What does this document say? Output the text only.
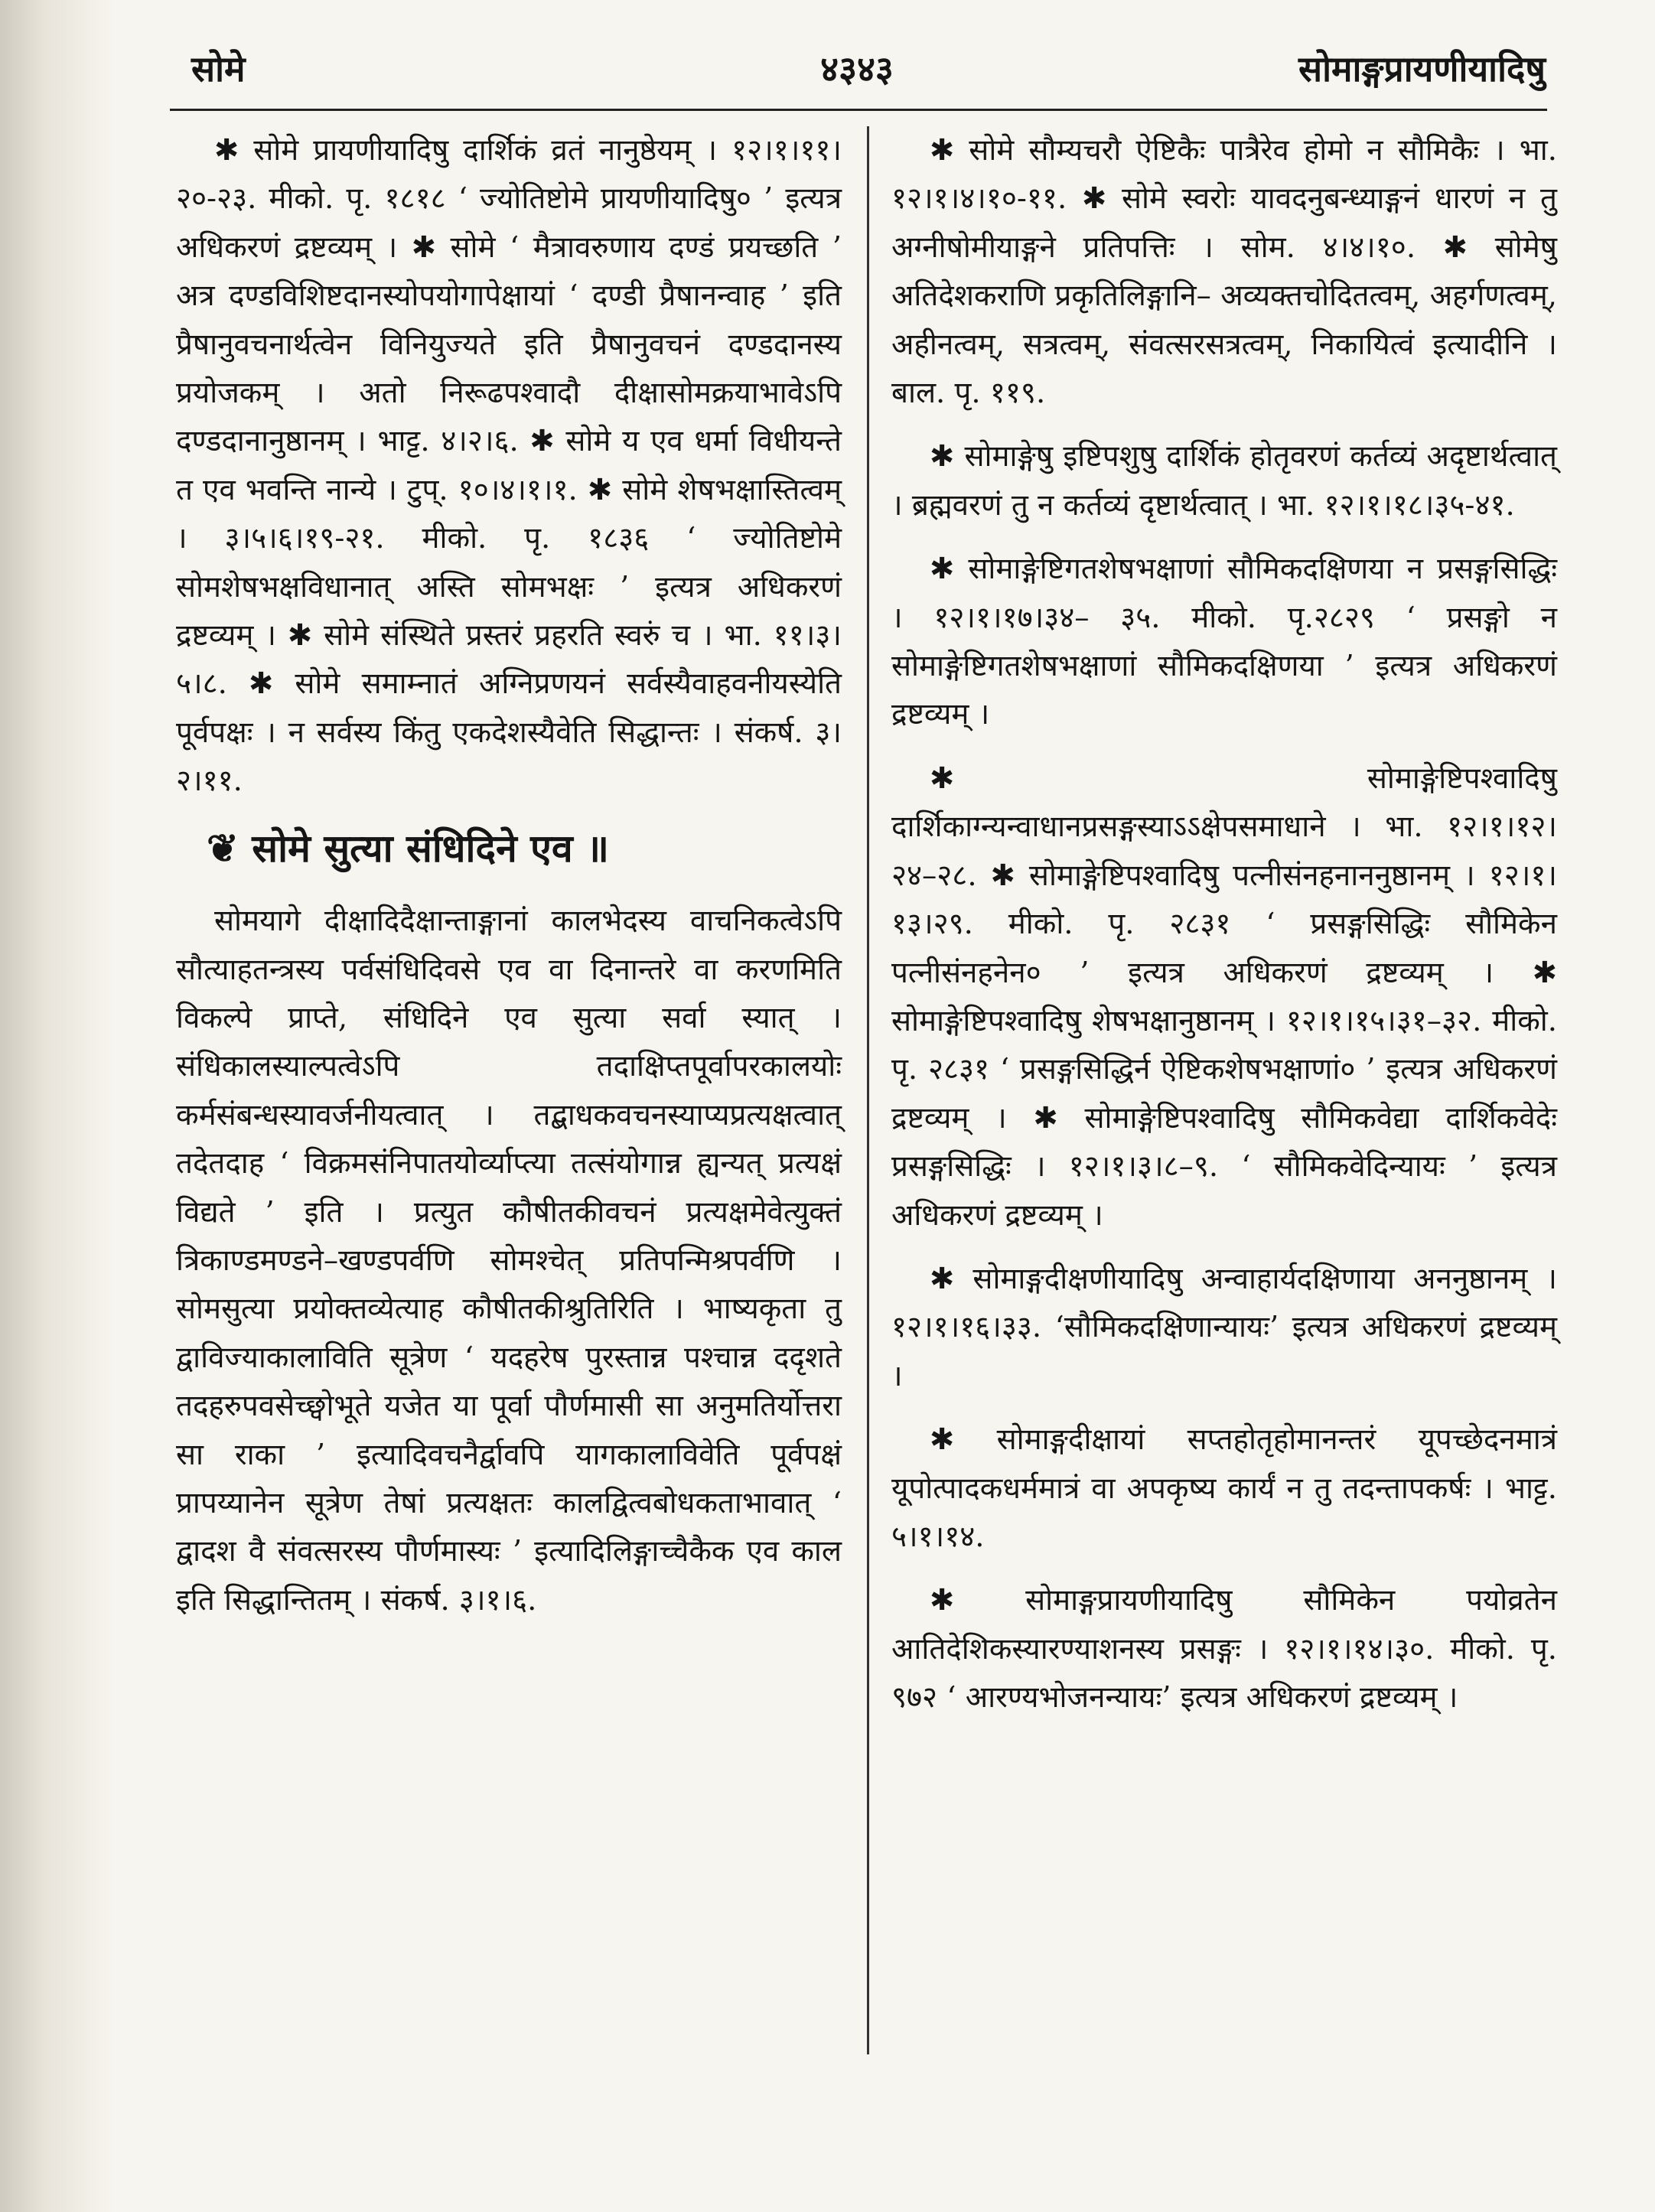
सोमे	४३४३	सोमाङ्गप्रायणीयादिषु

✱ सोमे प्रायणीयादिषु दार्शिकं व्रतं नानुष्ठेयम् । १२।१।११।२०-२३. मीको. पृ. १८१८ ‘ ज्योतिष्टोमे प्रायणीयादिषु० ’ इत्यत्र अधिकरणं द्रष्टव्यम् । ✱ सोमे ‘ मैत्रावरुणाय दण्डं प्रयच्छति ’ अत्र दण्डविशिष्टदानस्योपयोगापेक्षायां ‘ दण्डी प्रैषानन्वाह ’ इति प्रैषानुवचनार्थत्वेन विनियुज्यते इति प्रैषानुवचनं दण्डदानस्य प्रयोजकम् । अतो निरूढपश्वादौ दीक्षासोमक्रयाभावेऽपि दण्डदानानुष्ठानम् । भाट्ट. ४।२।६. ✱ सोमे य एव धर्मा विधीयन्ते त एव भवन्ति नान्ये । टुप्. १०।४।१।१. ✱ सोमे शेषभक्षास्तित्वम् । ३।५।६।१९-२१. मीको. पृ. १८३६ ‘ ज्योतिष्टोमे सोमशेषभक्षविधानात् अस्ति सोमभक्षः ’ इत्यत्र अधिकरणं द्रष्टव्यम् । ✱ सोमे संस्थिते प्रस्तरं प्रहरति स्वरुं च । भा. ११।३।५।८. ✱ सोमे समाम्नातं अग्निप्रणयनं सर्वस्यैवाहवनीयस्येति पूर्वपक्षः । न सर्वस्य किंतु एकदेशस्यैवेति सिद्धान्तः । संकर्ष. ३।२।११.

❦ सोमे सुत्या संधिदिने एव ॥

सोमयागे दीक्षादिदैक्षान्ताङ्गानां कालभेदस्य वाचनिकत्वेऽपि सौत्याहतन्त्रस्य पर्वसंधिदिवसे एव वा दिनान्तरे वा करणमिति विकल्पे प्राप्ते, संधिदिने एव सुत्या सर्वा स्यात् । संधिकालस्याल्पत्वेऽपि तदाक्षिप्तपूर्वापरकालयोः कर्मसंबन्धस्यावर्जनीयत्वात् । तद्बाधकवचनस्याप्यप्रत्यक्षत्वात् तदेतदाह ‘ विक्रमसंनिपातयोर्व्याप्त्या तत्संयोगान्न ह्यन्यत् प्रत्यक्षं विद्यते ’ इति । प्रत्युत कौषीतकीवचनं प्रत्यक्षमेवेत्युक्तं त्रिकाण्डमण्डने–खण्डपर्वणि सोमश्चेत् प्रतिपन्मिश्रपर्वणि । सोमसुत्या प्रयोक्तव्येत्याह कौषीतकीश्रुतिरिति । भाष्यकृता तु द्वाविज्याकालाविति सूत्रेण ‘ यदहरेष पुरस्तान्न पश्चान्न ददृशते तदहरुपवसेच्छ्वोभूते यजेत या पूर्वा पौर्णमासी सा अनुमतिर्योत्तरा सा राका ’ इत्यादिवचनैर्द्वावपि यागकालाविवेति पूर्वपक्षं प्रापय्यानेन सूत्रेण तेषां प्रत्यक्षतः कालद्वित्वबोधकताभावात् ‘ द्वादश वै संवत्सरस्य पौर्णमास्यः ’ इत्यादिलिङ्गाच्चैकैक एव काल इति सिद्धान्तितम् । संकर्ष. ३।१।६.

✱ सोमे सौम्यचरौ ऐष्टिकैः पात्रैरेव होमो न सौमिकैः । भा. १२।१।४।१०-११. ✱ सोमे स्वरोः यावदनुबन्ध्याङ्गनं धारणं न तु अग्नीषोमीयाङ्गने प्रतिपत्तिः । सोम. ४।४।१०. ✱ सोमेषु अतिदेशकराणि प्रकृतिलिङ्गानि– अव्यक्तचोदितत्वम्, अहर्गणत्वम्, अहीनत्वम्, सत्रत्वम्, संवत्सरसत्रत्वम्, निकायित्वं इत्यादीनि । बाल. पृ. ११९.

✱ सोमाङ्गेषु इष्टिपशुषु दार्शिकं होतृवरणं कर्तव्यं अदृष्टार्थत्वात् । ब्रह्मवरणं तु न कर्तव्यं दृष्टार्थत्वात् । भा. १२।१।१८।३५-४१.

✱ सोमाङ्गेष्टिगतशेषभक्षाणां सौमिकदक्षिणया न प्रसङ्गसिद्धिः । १२।१।१७।३४– ३५. मीको. पृ.२८२९ ‘ प्रसङ्गो न सोमाङ्गेष्टिगतशेषभक्षाणां सौमिकदक्षिणया ’ इत्यत्र अधिकरणं द्रष्टव्यम् ।

✱ सोमाङ्गेष्टिपश्वादिषु दार्शिकाग्न्यन्वाधानप्रसङ्गस्याऽऽक्षेपसमाधाने । भा. १२।१।१२।२४–२८. ✱ सोमाङ्गेष्टिपश्वादिषु पत्नीसंनहनाननुष्ठानम् । १२।१।१३।२९. मीको. पृ. २८३१ ‘ प्रसङ्गसिद्धिः सौमिकेन पत्नीसंनहनेन० ’ इत्यत्र अधिकरणं द्रष्टव्यम् । ✱ सोमाङ्गेष्टिपश्वादिषु शेषभक्षानुष्ठानम् । १२।१।१५।३१–३२. मीको. पृ. २८३१ ‘ प्रसङ्गसिद्धिर्न ऐष्टिकशेषभक्षाणां० ’ इत्यत्र अधिकरणं द्रष्टव्यम् । ✱ सोमाङ्गेष्टिपश्वादिषु सौमिकवेद्या दार्शिकवेदेः प्रसङ्गसिद्धिः । १२।१।३।८–९. ‘ सौमिकवेदिन्यायः ’ इत्यत्र अधिकरणं द्रष्टव्यम् ।

✱ सोमाङ्गदीक्षणीयादिषु अन्वाहार्यदक्षिणाया अननुष्ठानम् । १२।१।१६।३३. ‘सौमिकदक्षिणान्यायः’ इत्यत्र अधिकरणं द्रष्टव्यम् ।

✱ सोमाङ्गदीक्षायां सप्तहोतृहोमानन्तरं यूपच्छेदनमात्रं यूपोत्पादकधर्ममात्रं वा अपकृष्य कार्यं न तु तदन्तापकर्षः । भाट्ट. ५।१।१४.

✱ सोमाङ्गप्रायणीयादिषु सौमिकेन पयोव्रतेन आतिदेशिकस्यारण्याशनस्य प्रसङ्गः । १२।१।१४।३०. मीको. पृ. ९७२ ‘ आरण्यभोजनन्यायः’ इत्यत्र अधिकरणं द्रष्टव्यम् ।
